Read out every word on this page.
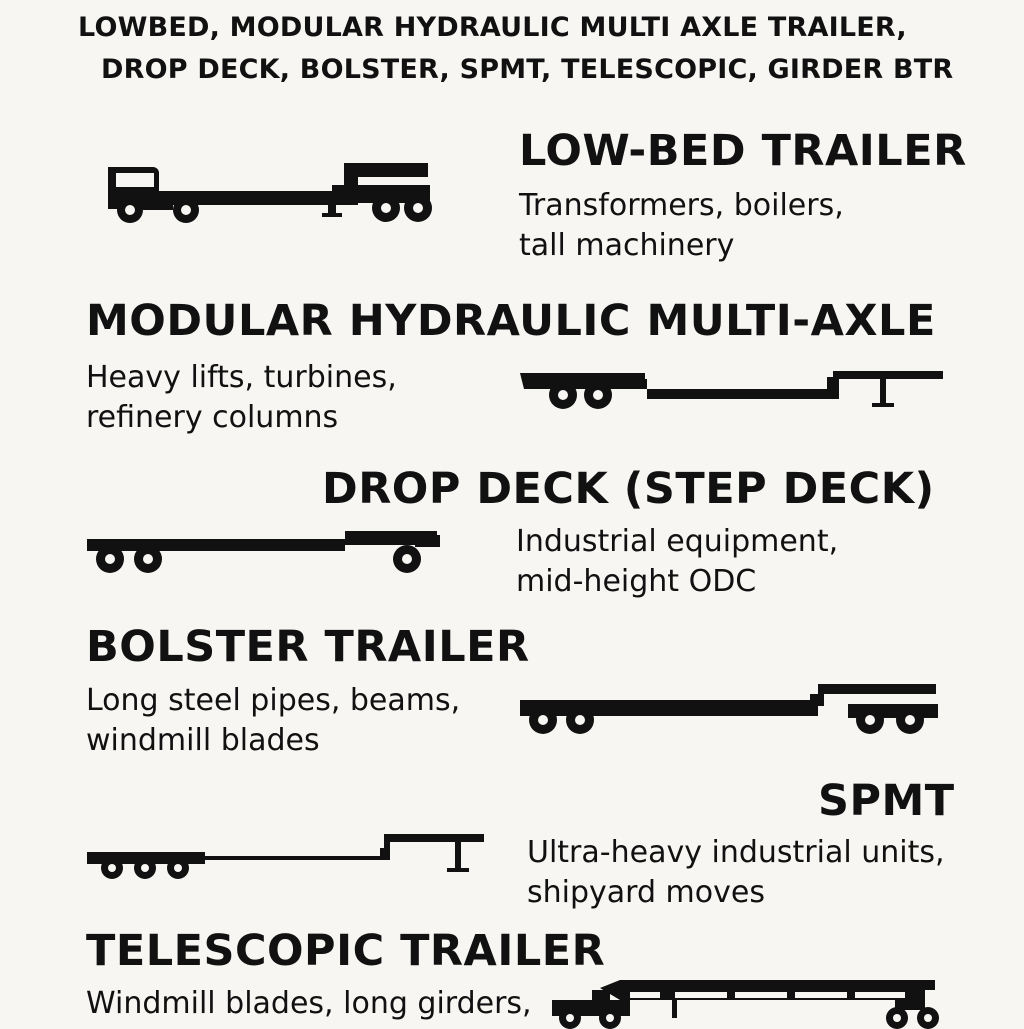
LOWBED, MODULAR HYDRAULIC MULTI AXLE TRAILER,
DROP DECK, BOLSTER, SPMT, TELESCOPIC, GIRDER BTR
LOW-BED TRAILER
Transformers, boilers,
tall machinery
MODULAR HYDRAULIC MULTI-AXLE
Heavy lifts, turbines,
refinery columns
DROP DECK (STEP DECK)
Industrial equipment,
mid-height ODC
BOLSTER TRAILER
Long steel pipes, beams,
windmill blades
SPMT
Ultra-heavy industrial units,
shipyard moves
TELESCOPIC TRAILER
Windmill blades, long girders,
